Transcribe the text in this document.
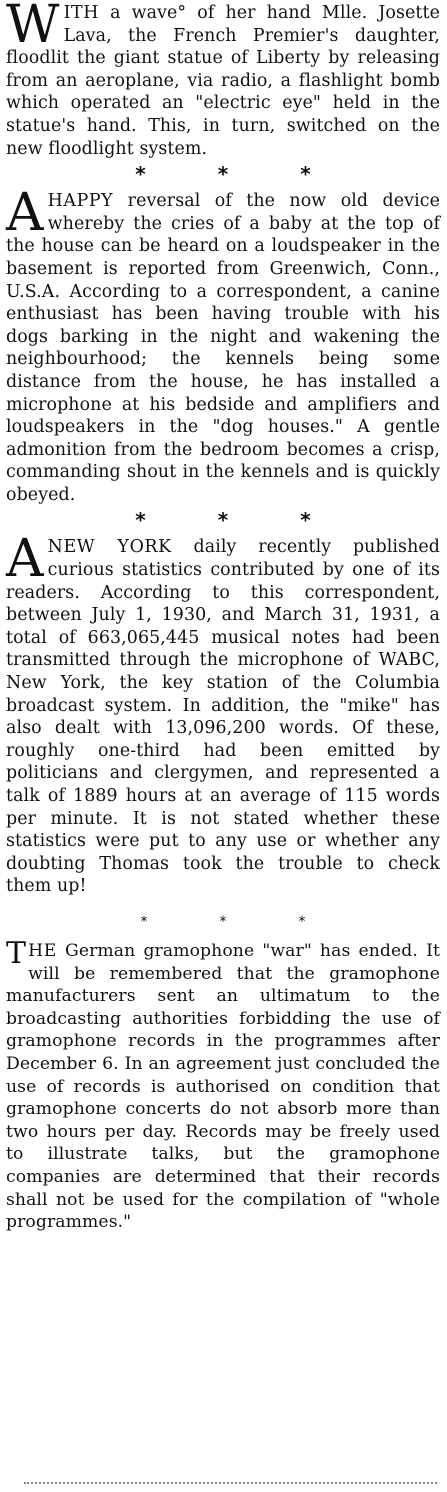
WITH a wave° of her hand Mlle. Josette Lava, the French Premier's daughter, floodlit the giant statue of Liberty by releasing from an aeroplane, via radio, a flashlight bomb which operated an "electric eye" held in the statue's hand. This, in turn, switched on the new floodlight system.

*	*	*

AHAPPY reversal of the now old device whereby the cries of a baby at the top of the house can be heard on a loudspeaker in the basement is reported from Greenwich, Conn., U.S.A. According to a correspondent, a canine enthusiast has been having trouble with his dogs barking in the night and wakening the neighbourhood; the kennels being some distance from the house, he has installed a microphone at his bedside and amplifiers and loudspeakers in the "dog houses." A gentle admonition from the bedroom becomes a crisp, commanding shout in the kennels and is quickly obeyed.

*	*	*

ANEW YORK daily recently published curious statistics contributed by one of its readers. According to this correspondent, between July 1, 1930, and March 31, 1931, a total of 663,065,445 musical notes had been transmitted through the microphone of WABC, New York, the key station of the Columbia broadcast system. In addition, the "mike" has also dealt with 13,096,200 words. Of these, roughly one-third had been emitted by politicians and clergymen, and represented a talk of 1889 hours at an average of 115 words per minute. It is not stated whether these statistics were put to any use or whether any doubting Thomas took the trouble to check them up!

*	*	*

THE German gramophone "war" has ended. It will be remembered that the gramophone manufacturers sent an ultimatum to the broadcasting authorities forbidding the use of gramophone records in the programmes after December 6. In an agreement just concluded the use of records is authorised on condition that gramophone concerts do not absorb more than two hours per day. Records may be freely used to illustrate talks, but the gramophone companies are determined that their records shall not be used for the compilation of "whole programmes."
